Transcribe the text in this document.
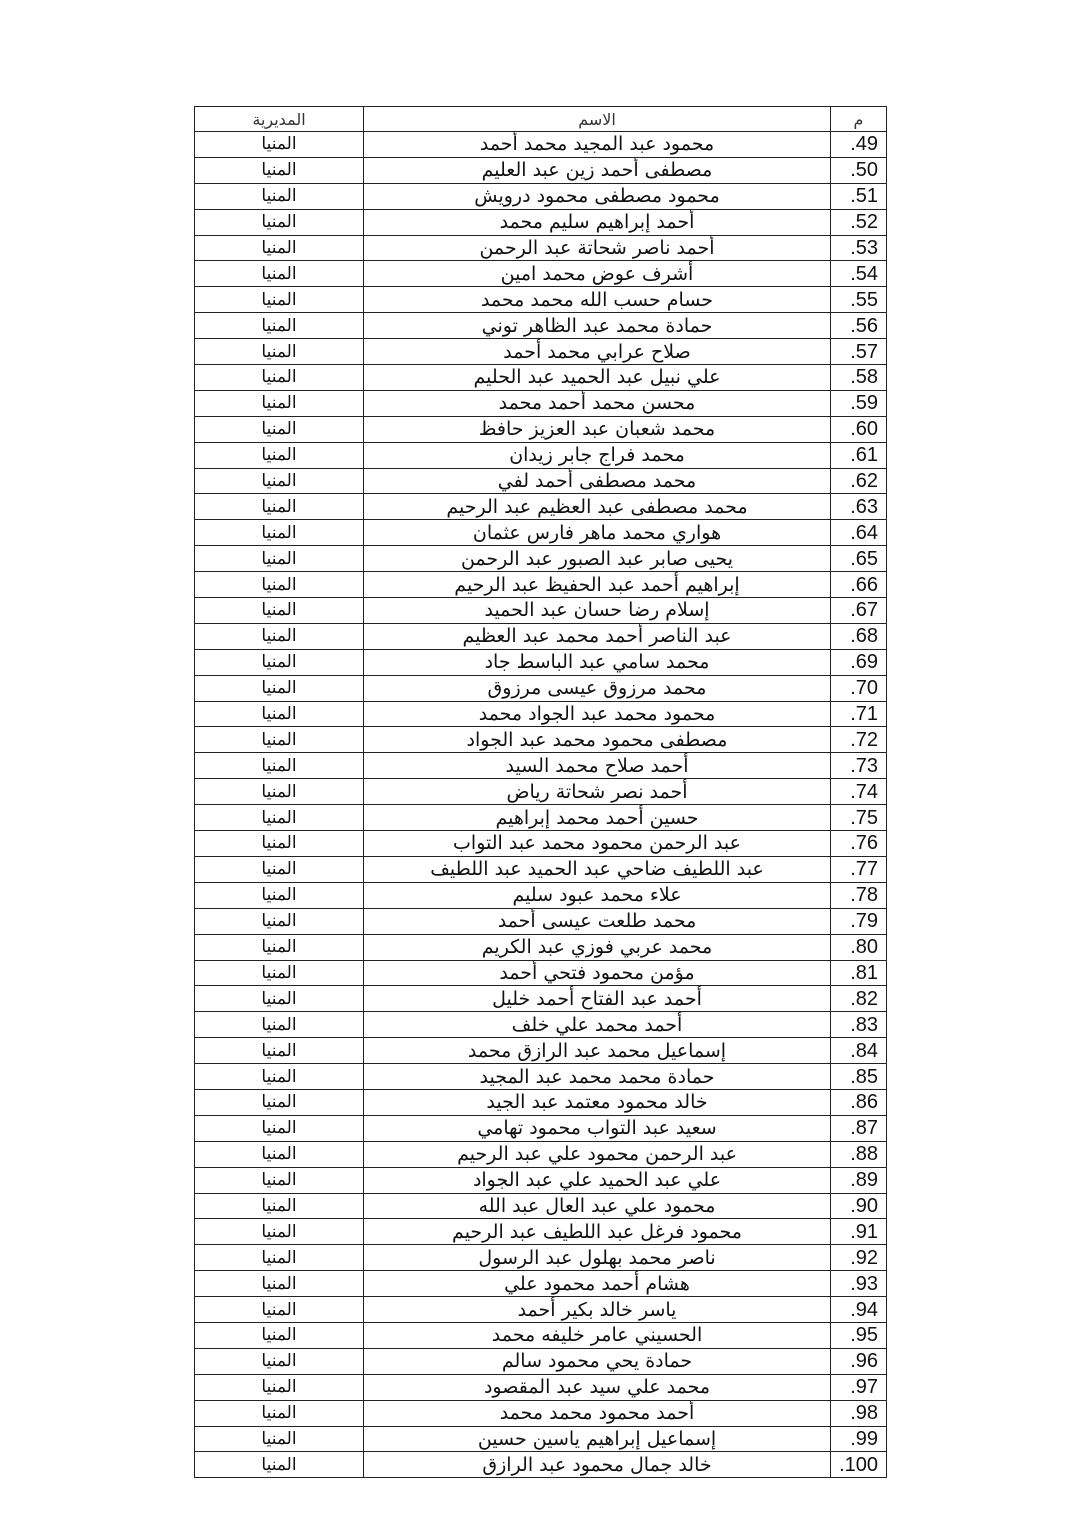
المديرية	الاسم	م
المنيا	محمود عبد المجيد محمد أحمد	.49
المنيا	مصطفى أحمد زين عبد العليم	.50
المنيا	محمود مصطفى محمود درويش	.51
المنيا	أحمد إبراهيم سليم محمد	.52
المنيا	أحمد ناصر شحاتة عبد الرحمن	.53
المنيا	أشرف عوض محمد امين	.54
المنيا	حسام حسب الله محمد محمد	.55
المنيا	حمادة محمد عبد الظاهر توني	.56
المنيا	صلاح عرابي محمد أحمد	.57
المنيا	علي نبيل عبد الحميد عبد الحليم	.58
المنيا	محسن محمد أحمد محمد	.59
المنيا	محمد شعبان عبد العزيز حافظ	.60
المنيا	محمد فراج جابر زيدان	.61
المنيا	محمد مصطفى أحمد لفي	.62
المنيا	محمد مصطفى عبد العظيم عبد الرحيم	.63
المنيا	هواري محمد ماهر فارس عثمان	.64
المنيا	يحيى صابر عبد الصبور عبد الرحمن	.65
المنيا	إبراهيم أحمد عبد الحفيظ عبد الرحيم	.66
المنيا	إسلام رضا حسان عبد الحميد	.67
المنيا	عبد الناصر أحمد محمد عبد العظيم	.68
المنيا	محمد سامي عبد الباسط جاد	.69
المنيا	محمد مرزوق عيسى مرزوق	.70
المنيا	محمود محمد عبد الجواد محمد	.71
المنيا	مصطفى محمود محمد عبد الجواد	.72
المنيا	أحمد صلاح محمد السيد	.73
المنيا	أحمد نصر شحاتة رياض	.74
المنيا	حسين أحمد محمد إبراهيم	.75
المنيا	عبد الرحمن محمود محمد عبد التواب	.76
المنيا	عبد اللطيف ضاحي عبد الحميد عبد اللطيف	.77
المنيا	علاء محمد عبود سليم	.78
المنيا	محمد طلعت عيسى أحمد	.79
المنيا	محمد عربي فوزي عبد الكريم	.80
المنيا	مؤمن محمود فتحي أحمد	.81
المنيا	أحمد عبد الفتاح أحمد خليل	.82
المنيا	أحمد محمد علي خلف	.83
المنيا	إسماعيل محمد عبد الرازق محمد	.84
المنيا	حمادة محمد محمد عبد المجيد	.85
المنيا	خالد محمود معتمد عبد الجيد	.86
المنيا	سعيد عبد التواب محمود تهامي	.87
المنيا	عبد الرحمن محمود علي عبد الرحيم	.88
المنيا	علي عبد الحميد علي عبد الجواد	.89
المنيا	محمود علي عبد العال عبد الله	.90
المنيا	محمود فرغل عبد اللطيف عبد الرحيم	.91
المنيا	ناصر محمد بهلول عبد الرسول	.92
المنيا	هشام أحمد محمود علي	.93
المنيا	ياسر خالد بكير أحمد	.94
المنيا	الحسيني عامر خليفه محمد	.95
المنيا	حمادة يحي محمود سالم	.96
المنيا	محمد علي سيد عبد المقصود	.97
المنيا	أحمد محمود محمد محمد	.98
المنيا	إسماعيل إبراهيم ياسين حسين	.99
المنيا	خالد جمال محمود عبد الرازق	.100
